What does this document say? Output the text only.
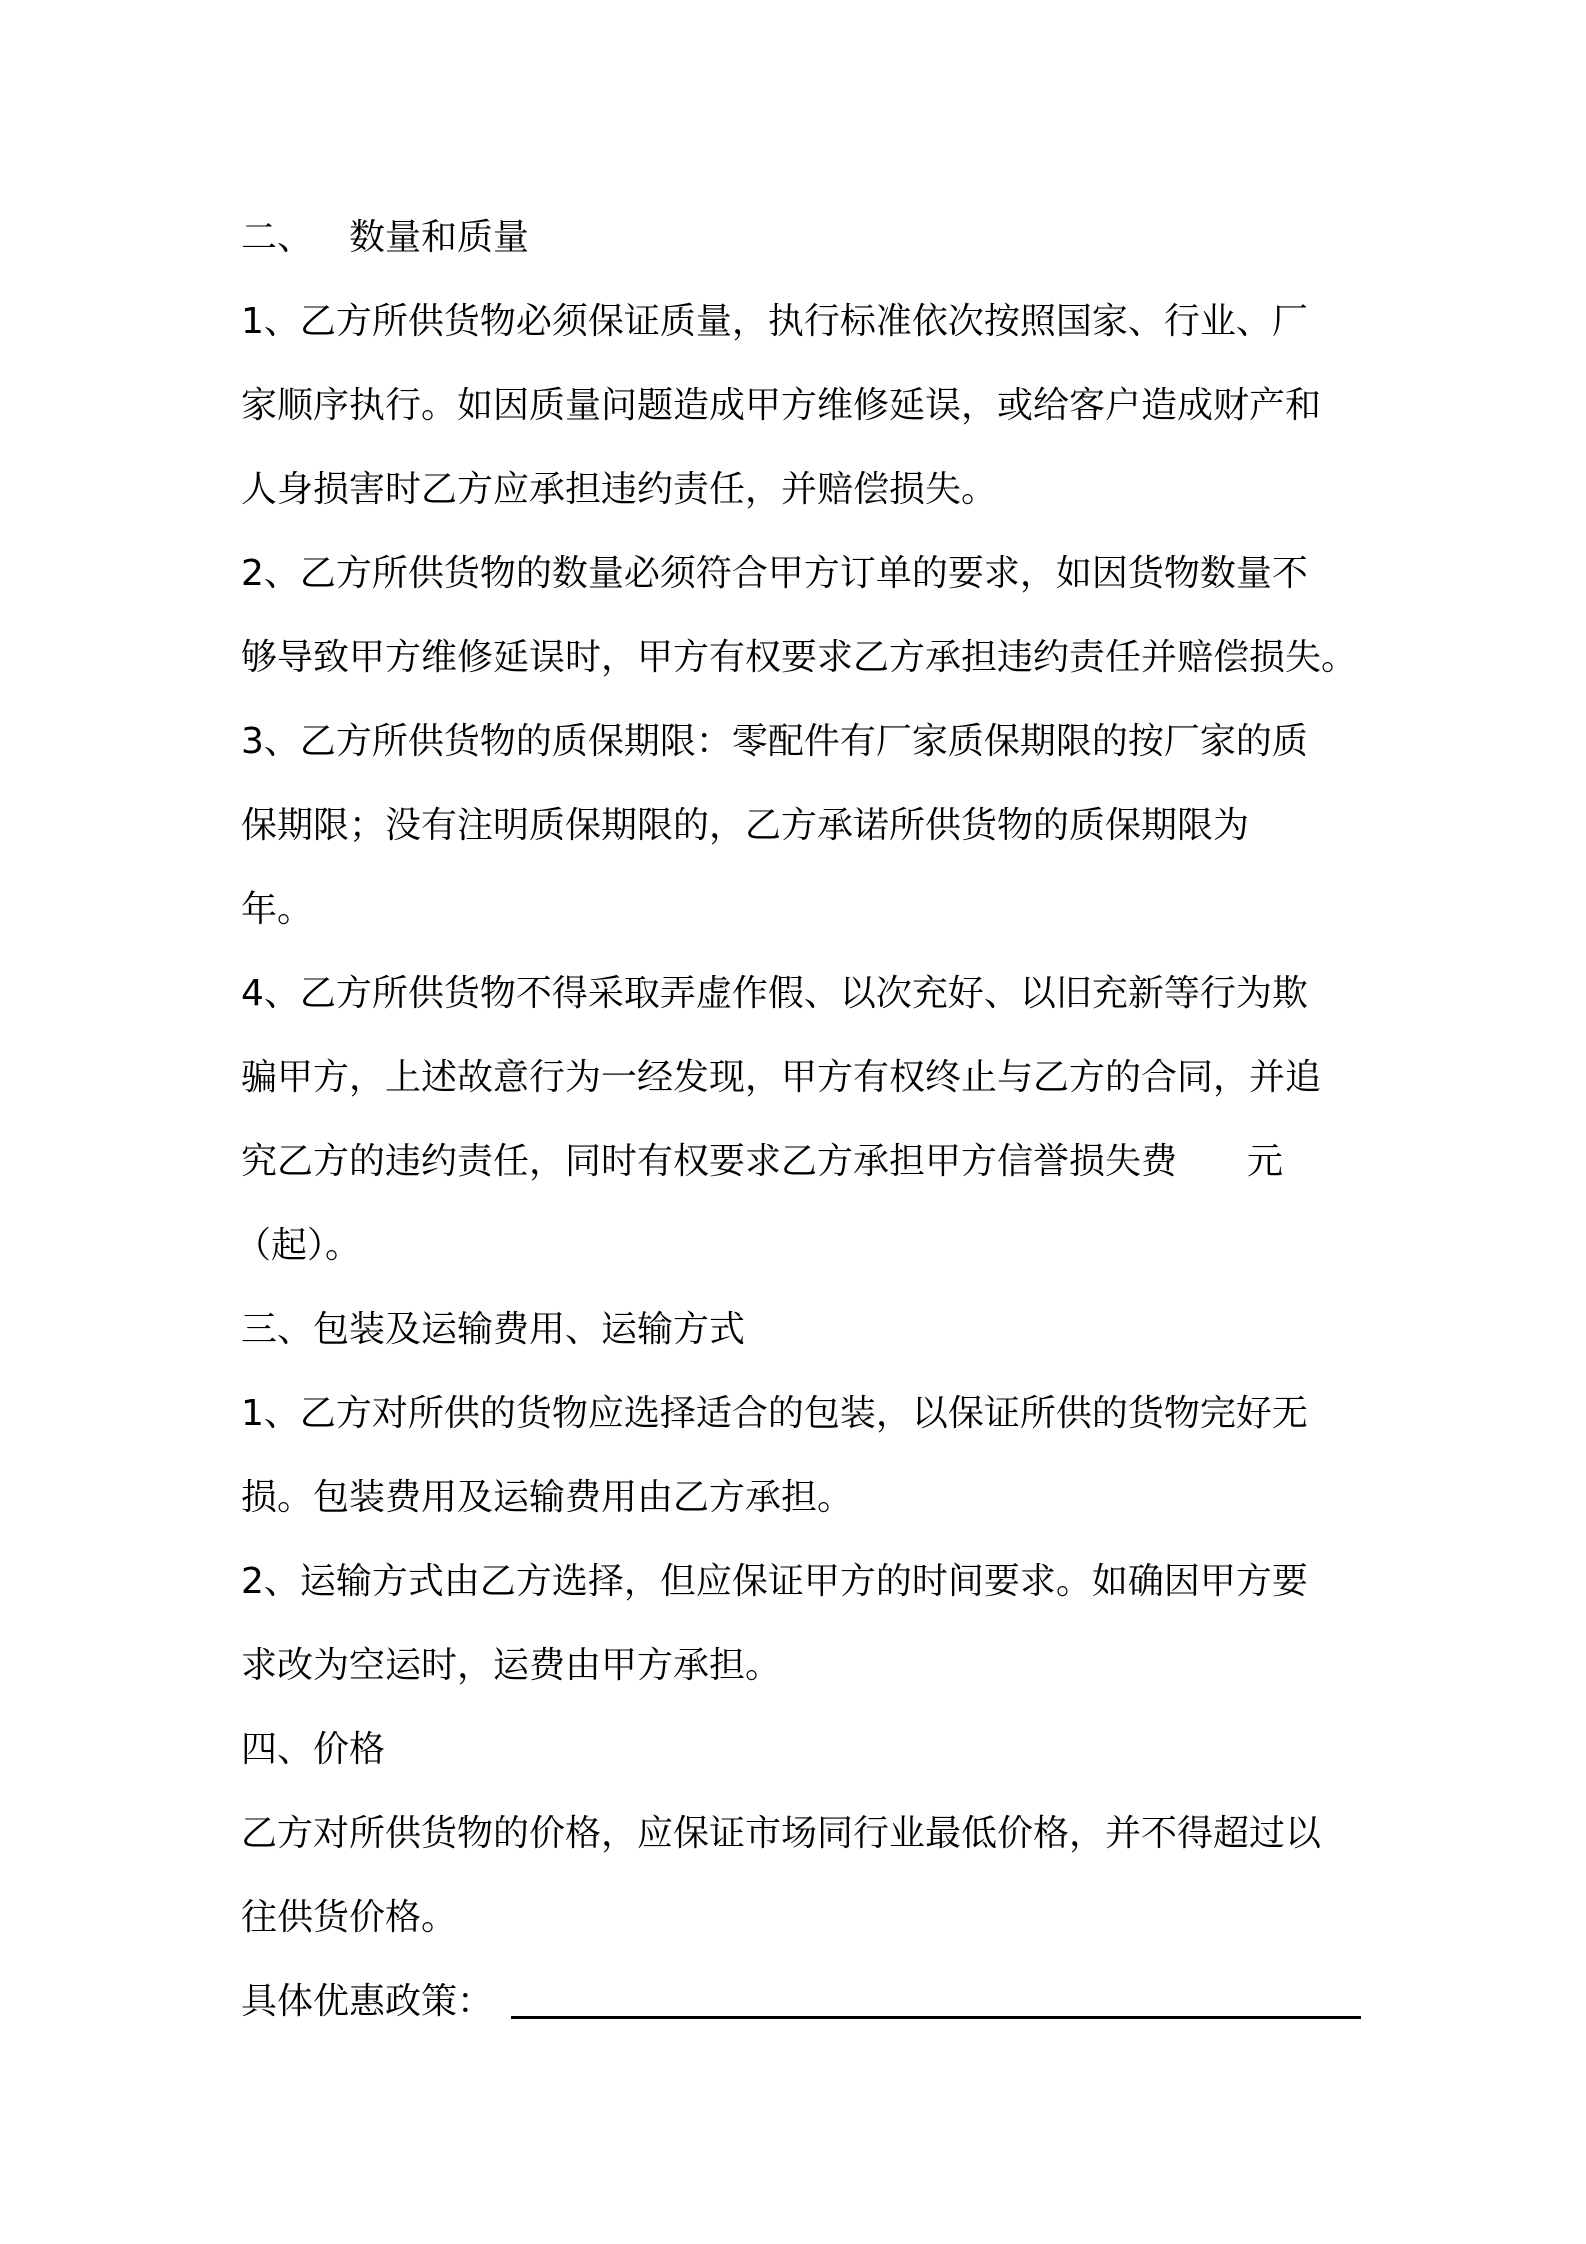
二、 数量和质量
1、乙方所供货物必须保证质量，执行标准依次按照国家、行业、厂
家顺序执行。如因质量问题造成甲方维修延误，或给客户造成财产和
人身损害时乙方应承担违约责任，并赔偿损失。
2、乙方所供货物的数量必须符合甲方订单的要求，如因货物数量不
够导致甲方维修延误时，甲方有权要求乙方承担违约责任并赔偿损失。
3、乙方所供货物的质保期限：零配件有厂家质保期限的按厂家的质
保期限；没有注明质保期限的，乙方承诺所供货物的质保期限为
年。
4、乙方所供货物不得采取弄虚作假、以次充好、以旧充新等行为欺
骗甲方，上述故意行为一经发现，甲方有权终止与乙方的合同，并追
究乙方的违约责任，同时有权要求乙方承担甲方信誉损失费 元
（起）。
三、包装及运输费用、运输方式
1、乙方对所供的货物应选择适合的包装，以保证所供的货物完好无
损。包装费用及运输费用由乙方承担。
2、运输方式由乙方选择，但应保证甲方的时间要求。如确因甲方要
求改为空运时，运费由甲方承担。
四、价格
乙方对所供货物的价格，应保证市场同行业最低价格，并不得超过以
往供货价格。
具体优惠政策：
